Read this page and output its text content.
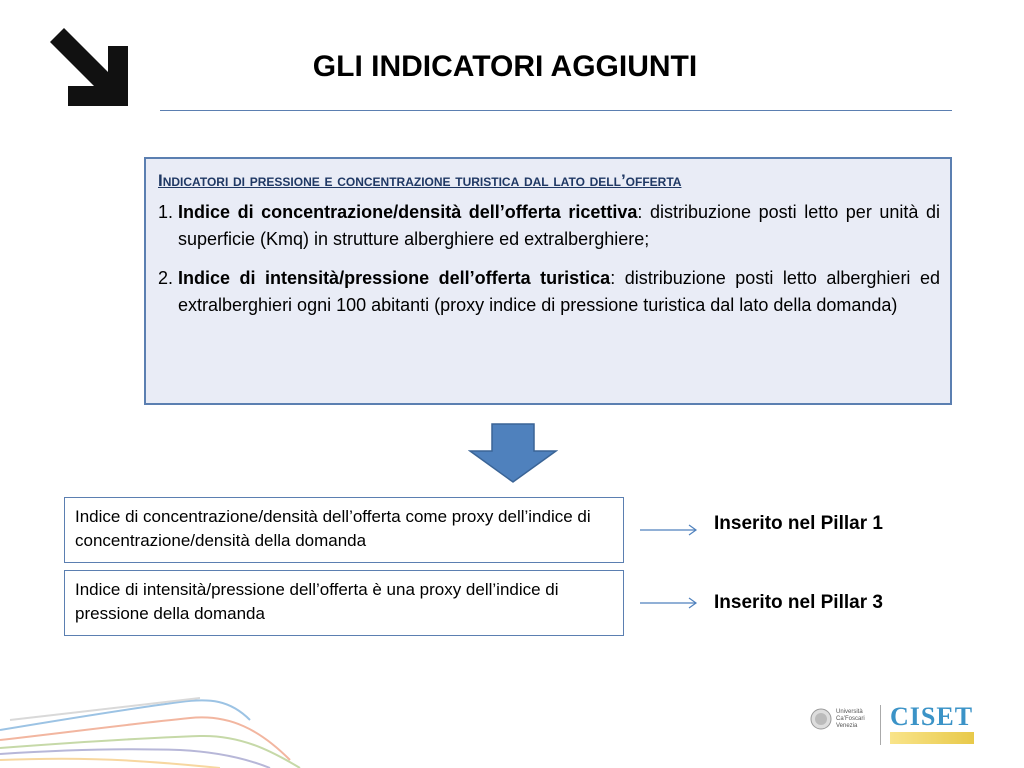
GLI INDICATORI AGGIUNTI
Indicatori di pressione e concentrazione turistica dal lato dell’offerta
1. Indice di concentrazione/densità dell’offerta ricettiva: distribuzione posti letto per unità di superficie (Kmq) in strutture alberghiere ed extralberghiere;
2. Indice di intensità/pressione dell’offerta turistica: distribuzione posti letto alberghieri ed extralberghieri ogni 100 abitanti (proxy indice di pressione turistica dal lato della domanda)
Indice di concentrazione/densità dell’offerta come proxy dell’indice di concentrazione/densità della domanda
Indice di intensità/pressione dell’offerta è una proxy dell’indice di pressione della domanda
Inserito nel Pillar 1
Inserito nel Pillar 3
Università
Ca’Foscari
Venezia	CISET
